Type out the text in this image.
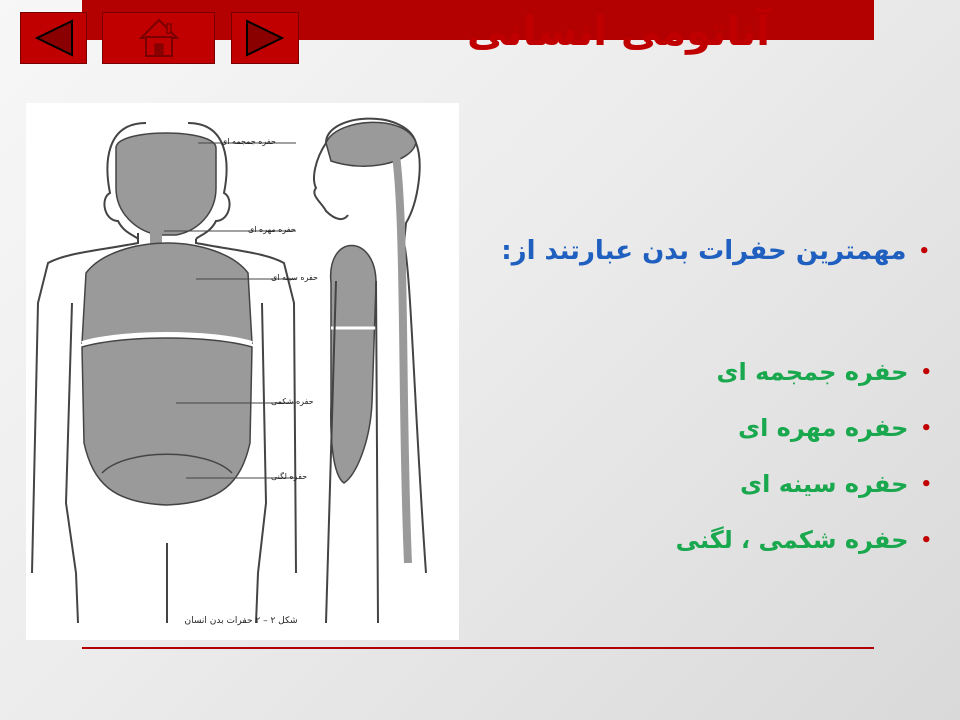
آناتومی انسانی
حفره جمجمه ای
حفره مهره ای
حفره سینه ای
حفره شکمی
حفره لگنی
شکل ۲ – ۲ حفرات بدن انسان
•مهمترین حفرات بدن عبارتند از:
•حفره جمجمه ای
•حفره مهره ای
•حفره سینه ای
•حفره شکمی ، لگنی
